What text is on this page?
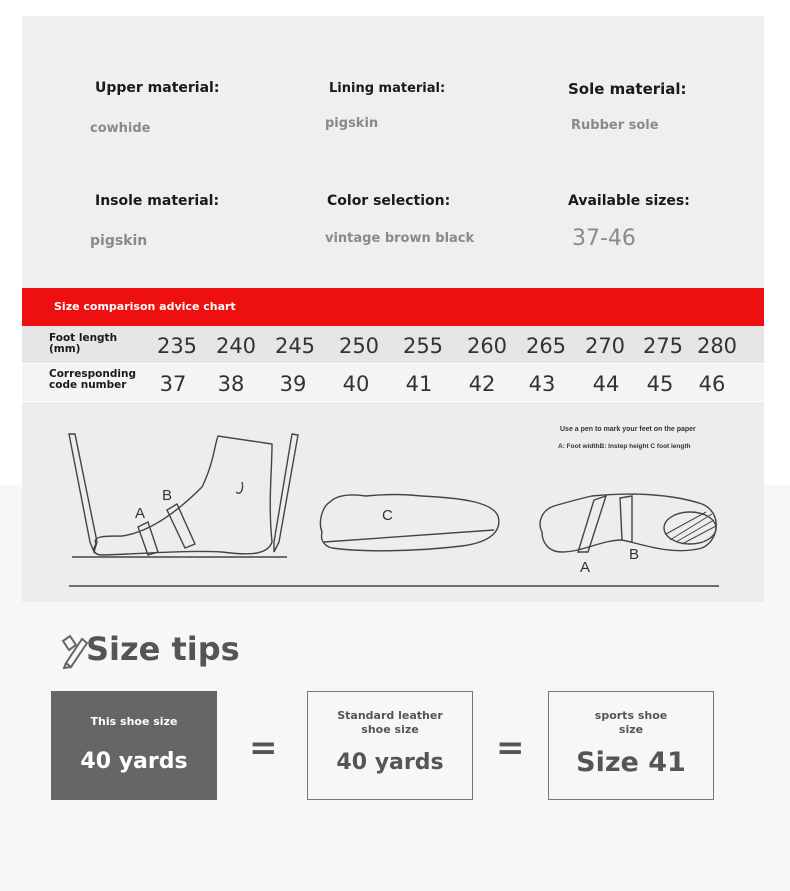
Upper material:
cowhide
Lining material:
pigskin
Sole material:
Rubber sole
Insole material:
pigskin
Color selection:
vintage brown black
Available sizes:
37-46
Size comparison advice chart
Foot length
(mm)	235 240 245 250 255 260 265 270 275 280
Corresponding
code number	37	38	39	40	41	42	43	44	45	46
A
B
C
A
B
Use a pen to mark your feet on the paper
A: Foot widthB: Instep height C foot length
Size tips
This shoe size
40 yards	=
Standard leather
shoe size
40 yards	=
sports shoe
size
Size 41
